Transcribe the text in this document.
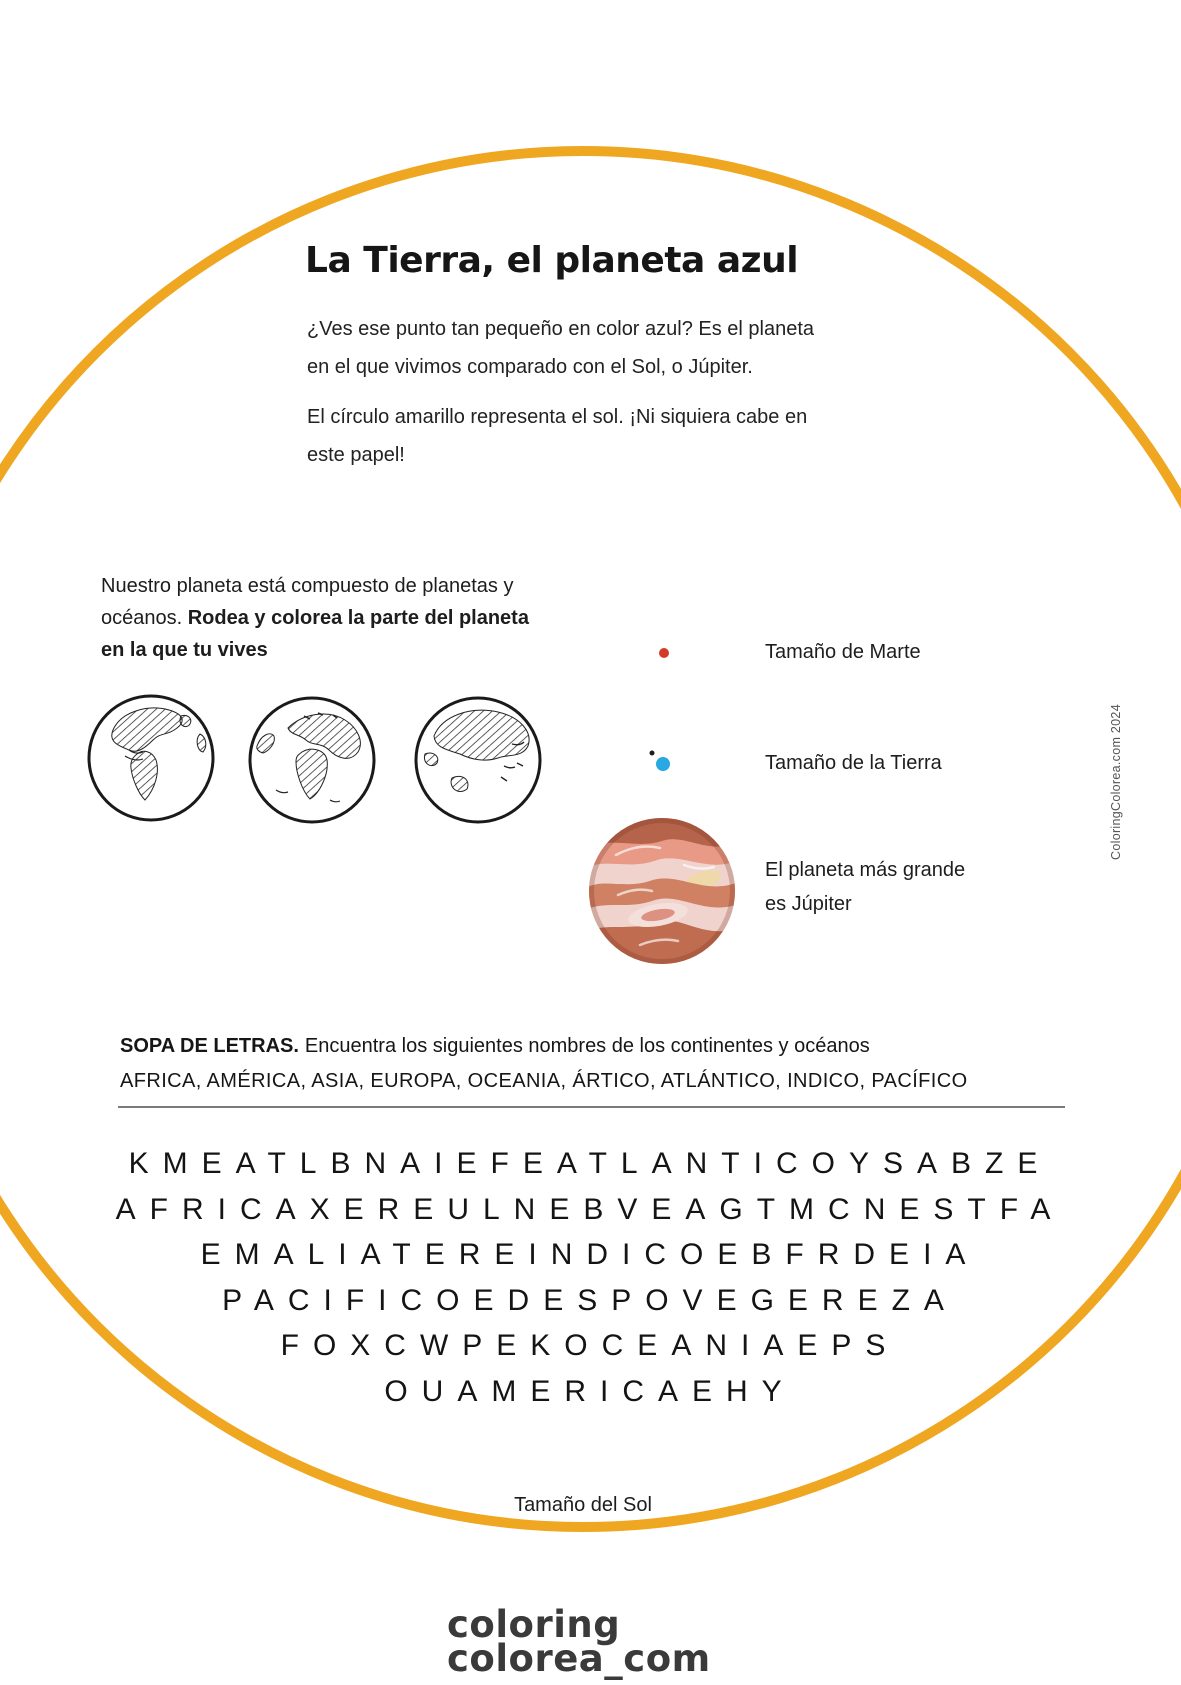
La Tierra, el planeta azul
¿Ves ese punto tan pequeño en color azul? Es el planeta
en el que vivimos comparado con el Sol, o Júpiter.
El círculo amarillo representa el sol. ¡Ni siquiera cabe en
este papel!
Nuestro planeta está compuesto de planetas y
océanos. Rodea y colorea la parte del planeta
en la que tu vives	Tamaño de Marte
Tamaño de la Tierra
El planeta más grande
es Júpiter
ColoringColorea.com 2024
SOPA DE LETRAS. Encuentra los siguientes nombres de los continentes y océanos
AFRICA, AMÉRICA, ASIA, EUROPA, OCEANIA, ÁRTICO, ATLÁNTICO, INDICO, PACÍFICO
KMEATLBNAIEFEATLANTICOYSABZE
AFRICAXEREULNEBVEAGTMCNESTFA
EMALIATEREINDICOEBFRDEIA
PACIFICOEDESPOVEGEREZA
FOXCWPEKOCEANIAEPS
OUAMERICAEHY
Tamaño del Sol
coloring
colorea_com
